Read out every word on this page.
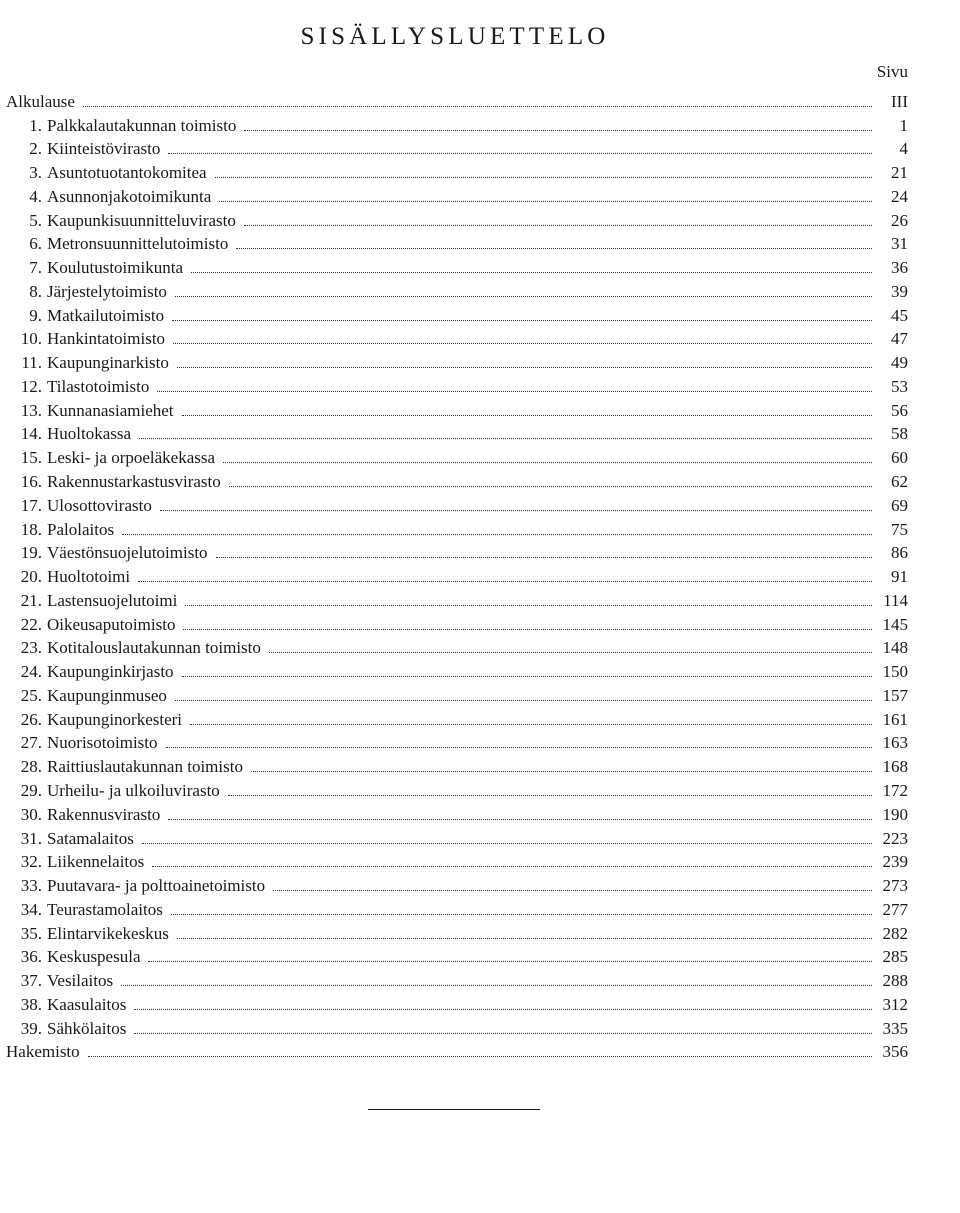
SISÄLLYSLUETTELO
Sivu
Alkulause	III
1. Palkkalautakunnan toimisto	1
2. Kiinteistövirasto	4
3. Asuntotuotantokomitea	21
4. Asunnonjakotoimikunta	24
5. Kaupunkisuunnitteluvirasto	26
6. Metronsuunnittelutoimisto	31
7. Koulutustoimikunta	36
8. Järjestelytoimisto	39
9. Matkailutoimisto	45
10. Hankintatoimisto	47
11. Kaupunginarkisto	49
12. Tilastotoimisto	53
13. Kunnanasiamiehet	56
14. Huoltokassa	58
15. Leski- ja orpoeläkekassa	60
16. Rakennustarkastusvirasto	62
17. Ulosottovirasto	69
18. Palolaitos	75
19. Väestönsuojelutoimisto	86
20. Huoltotoimi	91
21. Lastensuojelutoimi	114
22. Oikeusaputoimisto	145
23. Kotitalouslautakunnan toimisto	148
24. Kaupunginkirjasto	150
25. Kaupunginmuseo	157
26. Kaupunginorkesteri	161
27. Nuorisotoimisto	163
28. Raittiuslautakunnan toimisto	168
29. Urheilu- ja ulkoiluvirasto	172
30. Rakennusvirasto	190
31. Satamalaitos	223
32. Liikennelaitos	239
33. Puutavara- ja polttoainetoimisto	273
34. Teurastamolaitos	277
35. Elintarvikekeskus	282
36. Keskuspesula	285
37. Vesilaitos	288
38. Kaasulaitos	312
39. Sähkölaitos	335
Hakemisto	356
